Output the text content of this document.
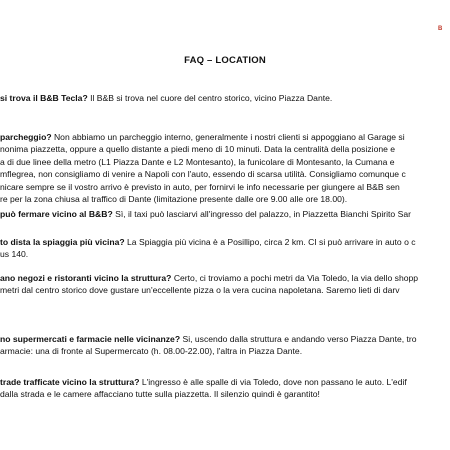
B
FAQ – LOCATION

si trova il B&B Tecla? Il B&B si trova nel cuore del centro storico, vicino Piazza Dante.

parcheggio? Non abbiamo un parcheggio interno, generalmente i nostri clienti si appoggiano al Garage si

nonima piazzetta, oppure a quello distante a piedi meno di 10 minuti. Data la centralità della posizione e

a di due linee della metro (L1 Piazza Dante e L2 Montesanto), la funicolare di Montesanto, la Cumana e

mflegrea, non consigliamo di venire a Napoli con l'auto, essendo di scarsa utilità. Consigliamo comunque c

nicare sempre se il vostro arrivo è previsto in auto, per fornirvi le info necessarie per giungere al B&B sen

re per la zona chiusa al traffico di Dante (limitazione presente dalle ore 9.00 alle ore 18.00).

può fermare vicino al B&B? Sì, il taxi può lasciarvi all'ingresso del palazzo, in Piazzetta Bianchi Spirito Sar

to dista la spiaggia più vicina? La Spiaggia più vicina è a Posillipo, circa 2 km. CI si può arrivare in auto o c

us 140.

ano negozi e ristoranti vicino la struttura? Certo, ci troviamo a pochi metri da Via Toledo, la via dello shopp

metri dal centro storico dove gustare un'eccellente pizza o la vera cucina napoletana. Saremo lieti di darv

no supermercati e farmacie nelle vicinanze? Si, uscendo dalla struttura e andando verso Piazza Dante, tro

armacie: una di fronte al Supermercato (h. 08.00-22.00), l'altra in Piazza Dante.

trade trafficate vicino la struttura? L'ingresso è alle spalle di via Toledo, dove non passano le auto. L'edif

dalla strada e le camere affacciano tutte sulla piazzetta. Il silenzio quindi è garantito!
